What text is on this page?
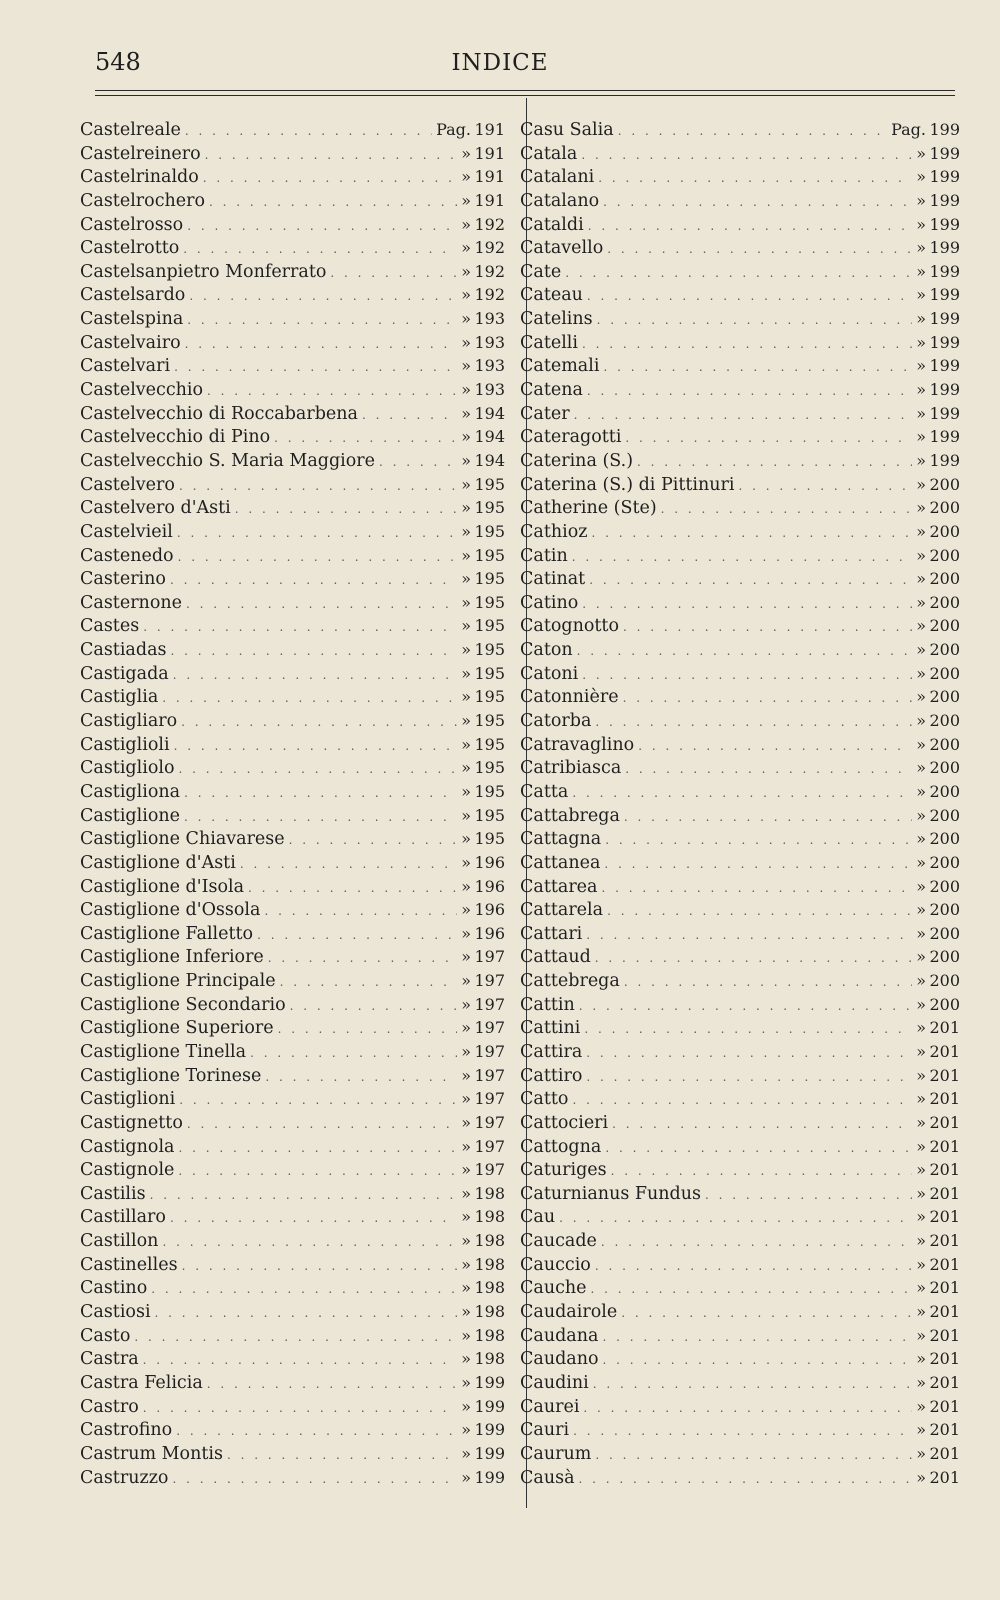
548	INDICE
Castelreale . . .	Pag. 191
Castelreinero . . .	» 191
Castelrinaldo . . .	» 191
Castelrochero . . .	» 191
Castelrosso . . .	» 192
Castelrotto . . .	» 192
Castelsanpietro Monferrato . . .	» 192
Castelsardo . . .	» 192
Castelspina . . .	» 193
Castelvairo . . .	» 193
Castelvari . . .	» 193
Castelvecchio . . .	» 193
Castelvecchio di Roccabarbena . . .	» 194
Castelvecchio di Pino . . .	» 194
Castelvecchio S. Maria Maggiore . . .	» 194
Castelvero . . .	» 195
Castelvero d'Asti . . .	» 195
Castelvieil . . .	» 195
Castenedo . . .	» 195
Casterino . . .	» 195
Casternone . . .	» 195
Castes . . .	» 195
Castiadas . . .	» 195
Castigada . . .	» 195
Castiglia . . .	» 195
Castigliaro . . .	» 195
Castiglioli . . .	» 195
Castigliolo . . .	» 195
Castigliona . . .	» 195
Castiglione . . .	» 195
Castiglione Chiavarese . . .	» 195
Castiglione d'Asti . . .	» 196
Castiglione d'Isola . . .	» 196
Castiglione d'Ossola . . .	» 196
Castiglione Falletto . . .	» 196
Castiglione Inferiore . . .	» 197
Castiglione Principale . . .	» 197
Castiglione Secondario . . .	» 197
Castiglione Superiore . . .	» 197
Castiglione Tinella . . .	» 197
Castiglione Torinese . . .	» 197
Castiglioni . . .	» 197
Castignetto . . .	» 197
Castignola . . .	» 197
Castignole . . .	» 197
Castilis . . .	» 198
Castillaro . . .	» 198
Castillon . . .	» 198
Castinelles . . .	» 198
Castino . . .	» 198
Castiosi . . .	» 198
Casto . . .	» 198
Castra . . .	» 198
Castra Felicia . . .	» 199
Castro . . .	» 199
Castrofino . . .	» 199
Castrum Montis . . .	» 199
Castruzzo . . .	» 199
Casu Salia . . .	Pag. 199
Catala . . .	» 199
Catalani . . .	» 199
Catalano . . .	» 199
Cataldi . . .	» 199
Catavello . . .	» 199
Cate . . .	» 199
Cateau . . .	» 199
Catelins . . .	» 199
Catelli . . .	» 199
Catemali . . .	» 199
Catena . . .	» 199
Cater . . .	» 199
Cateragotti . . .	» 199
Caterina (S.) . . .	» 199
Caterina (S.) di Pittinuri . . .	» 200
Catherine (Ste) . . .	» 200
Cathioz . . .	» 200
Catin . . .	» 200
Catinat . . .	» 200
Catino . . .	» 200
Catognotto . . .	» 200
Caton . . .	» 200
Catoni . . .	» 200
Catonnière . . .	» 200
Catorba . . .	» 200
Catravaglino . . .	» 200
Catribiasca . . .	» 200
Catta . . .	» 200
Cattabrega . . .	» 200
Cattagna . . .	» 200
Cattanea . . .	» 200
Cattarea . . .	» 200
Cattarela . . .	» 200
Cattari . . .	» 200
Cattaud . . .	» 200
Cattebrega . . .	» 200
Cattin . . .	» 200
Cattini . . .	» 201
Cattira . . .	» 201
Cattiro . . .	» 201
Catto . . .	» 201
Cattocieri . . .	» 201
Cattogna . . .	» 201
Caturiges . . .	» 201
Caturnianus Fundus . . .	» 201
Cau . . .	» 201
Caucade . . .	» 201
Cauccio . . .	» 201
Cauche . . .	» 201
Caudairole . . .	» 201
Caudana . . .	» 201
Caudano . . .	» 201
Caudini . . .	» 201
Caurei . . .	» 201
Cauri . . .	» 201
Caurum . . .	» 201
Causà . . .	» 201
